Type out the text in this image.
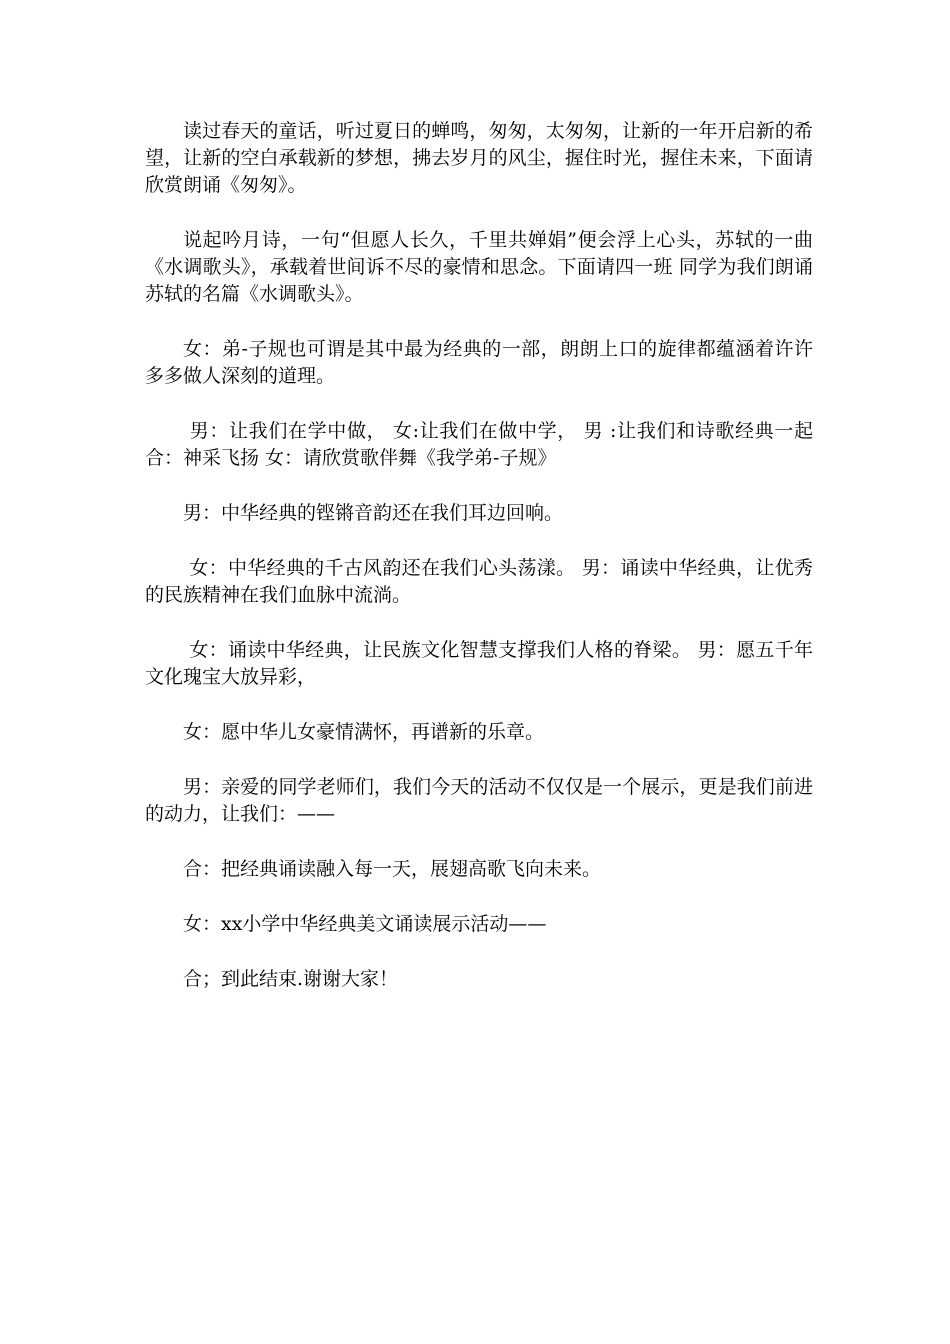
读过春天的童话，听过夏日的蝉鸣，匆匆，太匆匆，让新的一年开启新的希望，让新的空白承载新的梦想，拂去岁月的风尘，握住时光，握住未来，下面请欣赏朗诵《匆匆》。

说起吟月诗，一句“但愿人长久，千里共婵娟”便会浮上心头，苏轼的一曲《水调歌头》，承载着世间诉不尽的豪情和思念。下面请四一班 同学为我们朗诵苏轼的名篇《水调歌头》。

女：弟-子规也可谓是其中最为经典的一部，朗朗上口的旋律都蕴涵着许许多多做人深刻的道理。

男：让我们在学中做， 女:让我们在做中学， 男 :让我们和诗歌经典一起 合：神采飞扬 女：请欣赏歌伴舞《我学弟-子规》

男：中华经典的铿锵音韵还在我们耳边回响。

女：中华经典的千古风韵还在我们心头荡漾。 男：诵读中华经典，让优秀的民族精神在我们血脉中流淌。

女：诵读中华经典，让民族文化智慧支撑我们人格的脊梁。 男：愿五千年文化瑰宝大放异彩，

女：愿中华儿女豪情满怀，再谱新的乐章。

男：亲爱的同学老师们，我们今天的活动不仅仅是一个展示，更是我们前进的动力，让我们：——

合：把经典诵读融入每一天，展翅高歌飞向未来。

女：xx小学中华经典美文诵读展示活动——

合；到此结束.谢谢大家！
